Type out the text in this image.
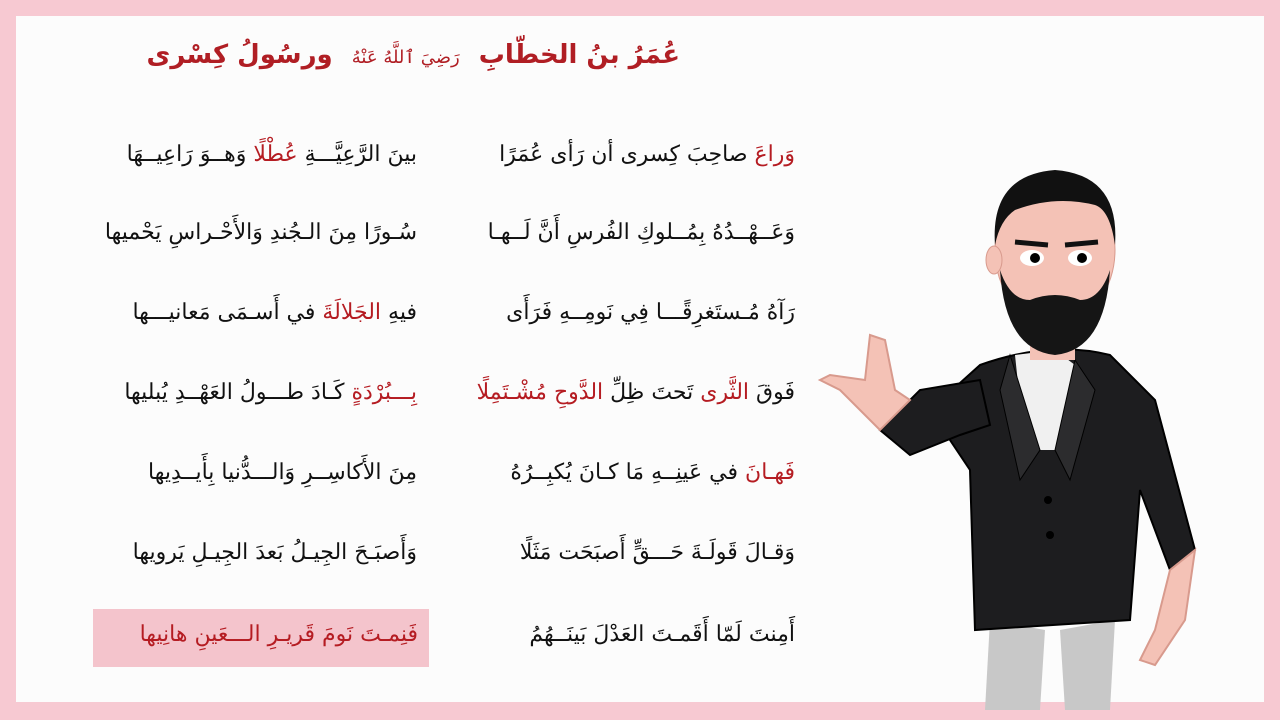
عُمَرُ بنُ الخطّابِ رَضِيَ ٱللَّهُ عَنْهُ ورسُولُ كِسْرى
فَنِمـتَ نَومَ قَريـرِ الـــعَينِ هانِيها
وَراعَ صاحِبَ كِسرى أن رَأى عُمَرًا
بينَ الرَّعِيَّـــةِ عُطْلًا وَهــوَ رَاعِيــهَا
وَعَــهْــدُهُ بِمُــلوكِ الفُرسِ أَنَّ لَــهـا
سُـورًا مِنَ الـجُندِ وَالأَحْـراسِ يَحْميها
رَآهُ مُـستَغرِقًـــا فِي نَومِــهِ فَرَأَى
فيهِ الجَلالَةَ في أَسـمَى مَعانيـــها
فَوقَ الثَّرى تَحتَ ظِلِّ الدَّوحِ مُشْـتَمِلًا
بِـــبُرْدَةٍ كَـادَ طـــولُ العَهْــدِ يُبليها
فَهـانَ في عَينِــهِ مَا كـانَ يُكبِــرُهُ
مِنَ الأَكاسِــرِ وَالـــدُّنيا بِأَيــدِيها
وَقـالَ قَولَـةَ حَـــقٍّ أَصبَحَت مَثَلًا
وَأَصبَـحَ الجِيـلُ بَعدَ الجِيـلِ يَرويها
أَمِنتَ لَمّا أَقَمـتَ العَدْلَ بَينَــهُمُ
